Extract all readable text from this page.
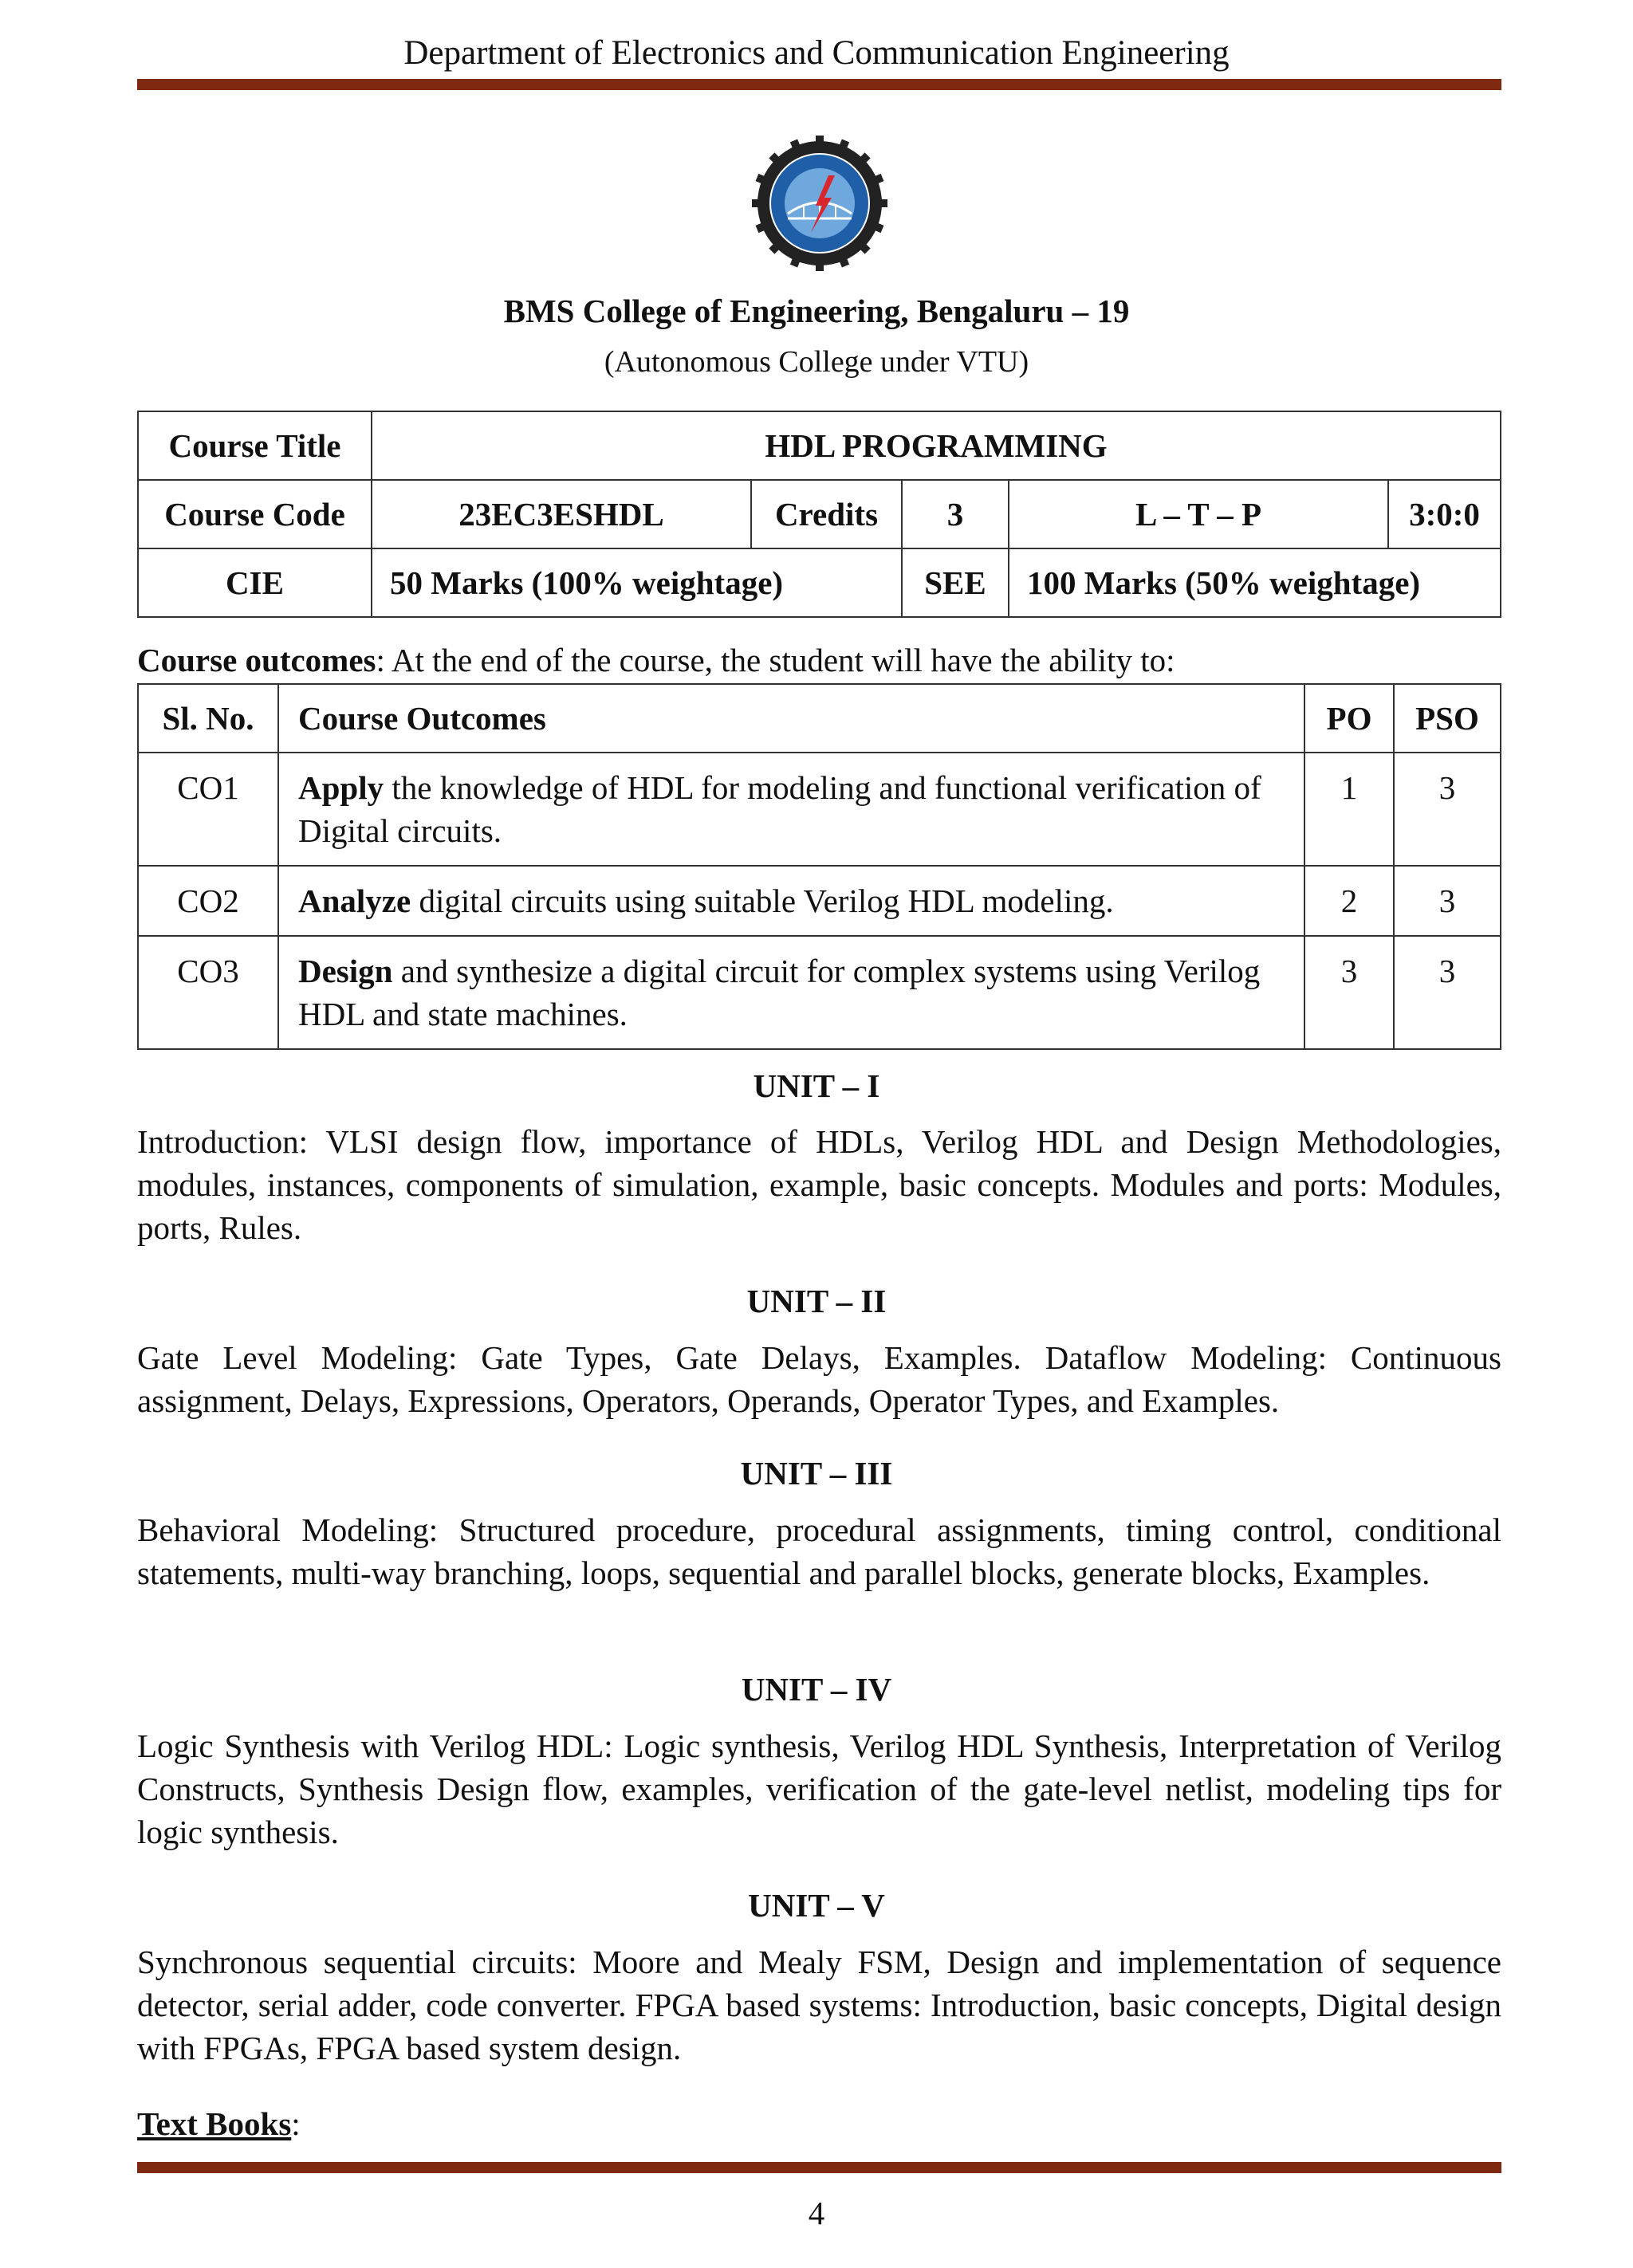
Department of Electronics and Communication Engineering
BMS College of Engineering, Bengaluru – 19
(Autonomous College under VTU)
Course Title	HDL PROGRAMMING				
Course Code	23EC3ESHDL	Credits	3	L – T – P	3:0:0
CIE	50 Marks (100% weightage)		SEE	100 Marks (50% weightage)	
Course outcomes: At the end of the course, the student will have the ability to:
Sl. No.	Course Outcomes	PO	PSO
CO1	Apply the knowledge of HDL for modeling and functional verification of Digital circuits.	1	3
CO2	Analyze digital circuits using suitable Verilog HDL modeling.	2	3
CO3	Design and synthesize a digital circuit for complex systems using Verilog HDL and state machines.	3	3
UNIT – I
Introduction: VLSI design flow, importance of HDLs, Verilog HDL and Design Methodologies, modules, instances, components of simulation, example, basic concepts. Modules and ports: Modules, ports, Rules.
UNIT – II
Gate Level Modeling: Gate Types, Gate Delays, Examples. Dataflow Modeling: Continuous assignment, Delays, Expressions, Operators, Operands, Operator Types, and Examples.
UNIT – III
Behavioral Modeling: Structured procedure, procedural assignments, timing control, conditional statements, multi-way branching, loops, sequential and parallel blocks, generate blocks, Examples.
UNIT – IV
Logic Synthesis with Verilog HDL: Logic synthesis, Verilog HDL Synthesis, Interpretation of Verilog Constructs, Synthesis Design flow, examples, verification of the gate-level netlist, modeling tips for logic synthesis.
UNIT – V
Synchronous sequential circuits: Moore and Mealy FSM, Design and implementation of sequence detector, serial adder, code converter. FPGA based systems: Introduction, basic concepts, Digital design with FPGAs, FPGA based system design.
Text Books:
4
